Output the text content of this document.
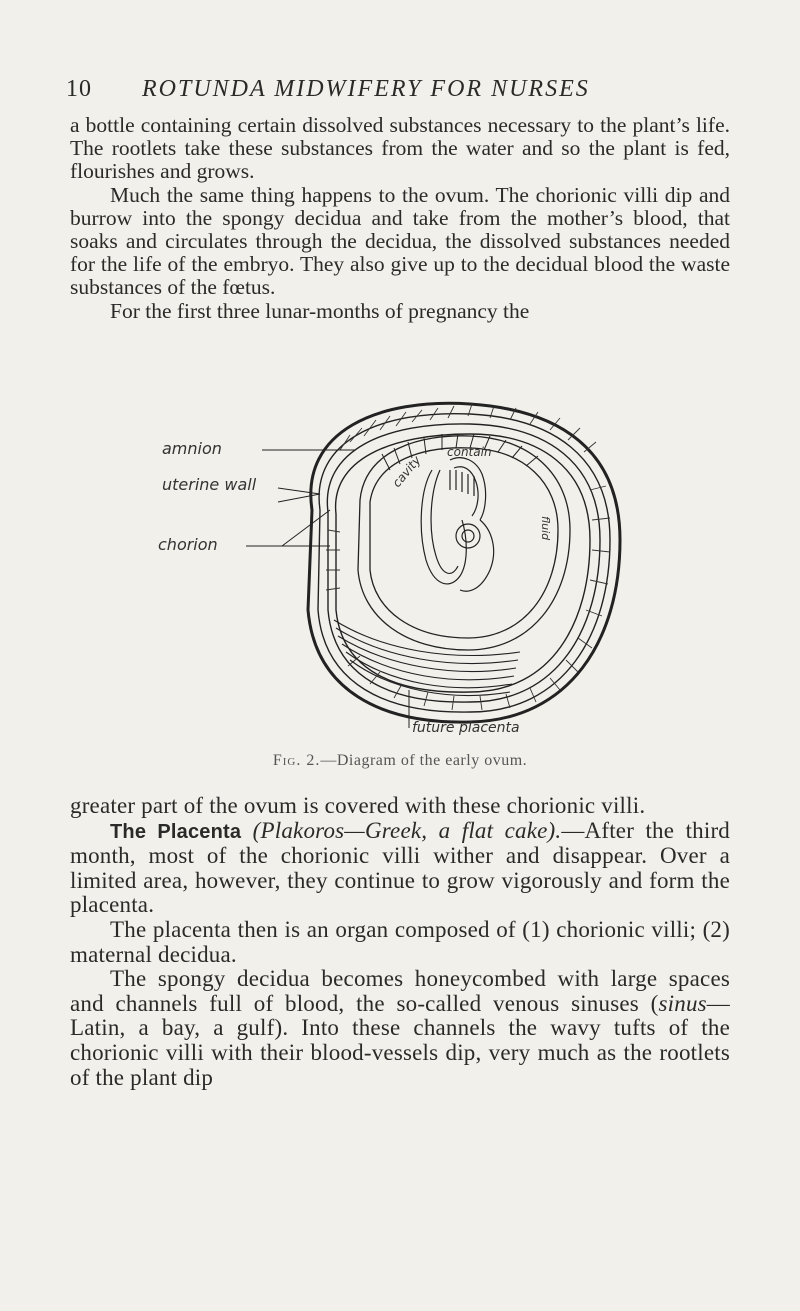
10	ROTUNDA MIDWIFERY FOR NURSES

a bottle containing certain dissolved substances necessary to the plant’s life. The rootlets take these substances from the water and so the plant is fed, flourishes and grows.

Much the same thing happens to the ovum. The chorionic villi dip and burrow into the spongy decidua and take from the mother’s blood, that soaks and circulates through the decidua, the dissolved substances needed for the life of the embryo. They also give up to the decidual blood the waste substances of the fœtus.

For the first three lunar-months of pregnancy the

contain
cavity
fluid
amnion
uterine wall
chorion
future placenta
Fig. 2.—Diagram of the early ovum.

greater part of the ovum is covered with these chorionic villi.

The Placenta (Plakoros—Greek, a flat cake).—After the third month, most of the chorionic villi wither and disappear. Over a limited area, however, they continue to grow vigorously and form the placenta.

The placenta then is an organ composed of (1) chorionic villi; (2) maternal decidua.

The spongy decidua becomes honeycombed with large spaces and channels full of blood, the so-called venous sinuses (sinus—Latin, a bay, a gulf). Into these channels the wavy tufts of the chorionic villi with their blood-vessels dip, very much as the rootlets of the plant dip
